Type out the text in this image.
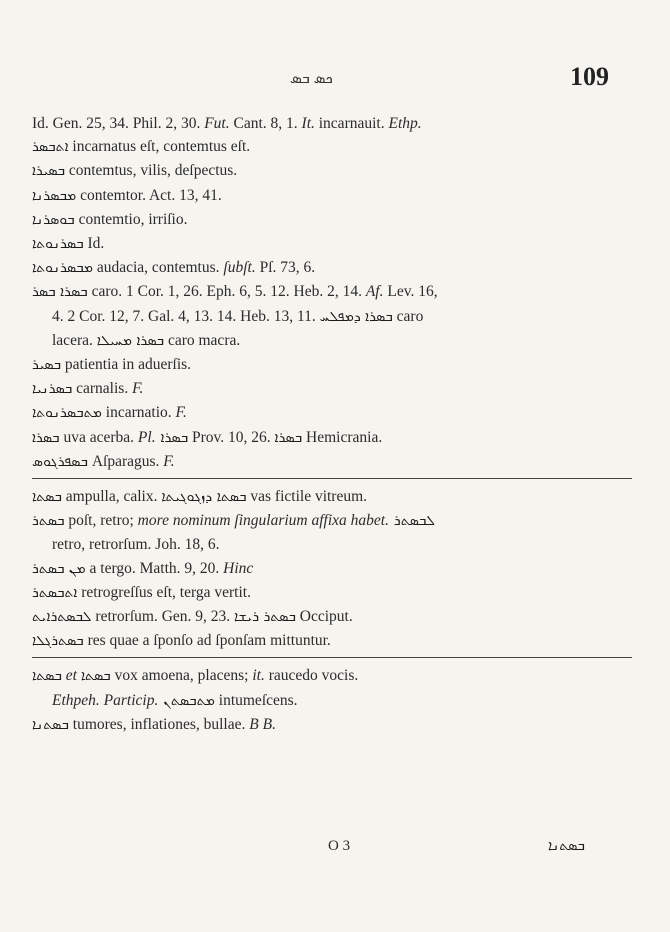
ܟܣ ܒܣ	109
Id. Gen. 25, 34. Phil. 2, 30. Fut. Cant. 8, 1. It. incarnauit. Ethp.
ܐܬܒܣܪ incarnatus eſt, contemtus eſt.
ܒܣܝܪܐ contemtus, vilis, deſpectus.
ܡܒܣܪܢܐ contemtor. Act. 13, 41.
ܒܘܣܪܢܐ contemtio, irriſio.
ܒܣܪܢܘܬܐ Id.
ܡܒܣܪܢܘܬܐ audacia, contemtus. ſubſt. Pſ. 73, 6.
ܒܣܪܐ ܒܣܪ caro. 1 Cor. 1, 26. Eph. 6, 5. 12. Heb. 2, 14. Af. Lev. 16,
4. 2 Cor. 12, 7. Gal. 4, 13. 14. Heb. 13, 11. ܒܣܪܐ ܕܡܦܠܚ caro
lacera. ܒܣܪܐ ܡܚܝܠܐ caro macra.
ܒܣܝܪ patientia in aduerſis.
ܒܣܪܢܝܐ carnalis. F.
ܡܬܒܣܪܢܘܬܐ incarnatio. F.
ܒܣܪܐ uva acerba. Pl. ܒܣܪܐ Prov. 10, 26. ܒܣܪܐ Hemicrania.
ܒܣܦܪܓܘܣ Aſparagus. F.
ܒܣܬܐ ampulla, calix. ܒܣܬܐ ܕܙܓܘܓܝܬܐ vas fictile vitreum.
ܒܣܬܪ poſt, retro; more nominum ſingularium affixa habet. ܠܒܣܬܪ
retro, retrorſum. Joh. 18, 6.
ܡܢ ܒܣܬܪ a tergo. Matth. 9, 20. Hinc
ܐܬܒܣܬܪ retrogreſſus eſt, terga vertit.
ܠܒܣܬܪܐܝܬ retrorſum. Gen. 9, 23. ܒܣܬܪ ܪܝܫܐ Occiput.
ܒܣܬܪܓܠܐ res quae a ſponſo ad ſponſam mittuntur.
ܒܣܬܐ et ܒܣܬܐ vox amoena, placens; it. raucedo vocis.
Ethpeh. Particip. ܡܬܒܣܬܢ intumeſcens.
ܒܣܬܢܐ tumores, inflationes, bullae. B B.
O 3	ܒܣܬܢܐ
